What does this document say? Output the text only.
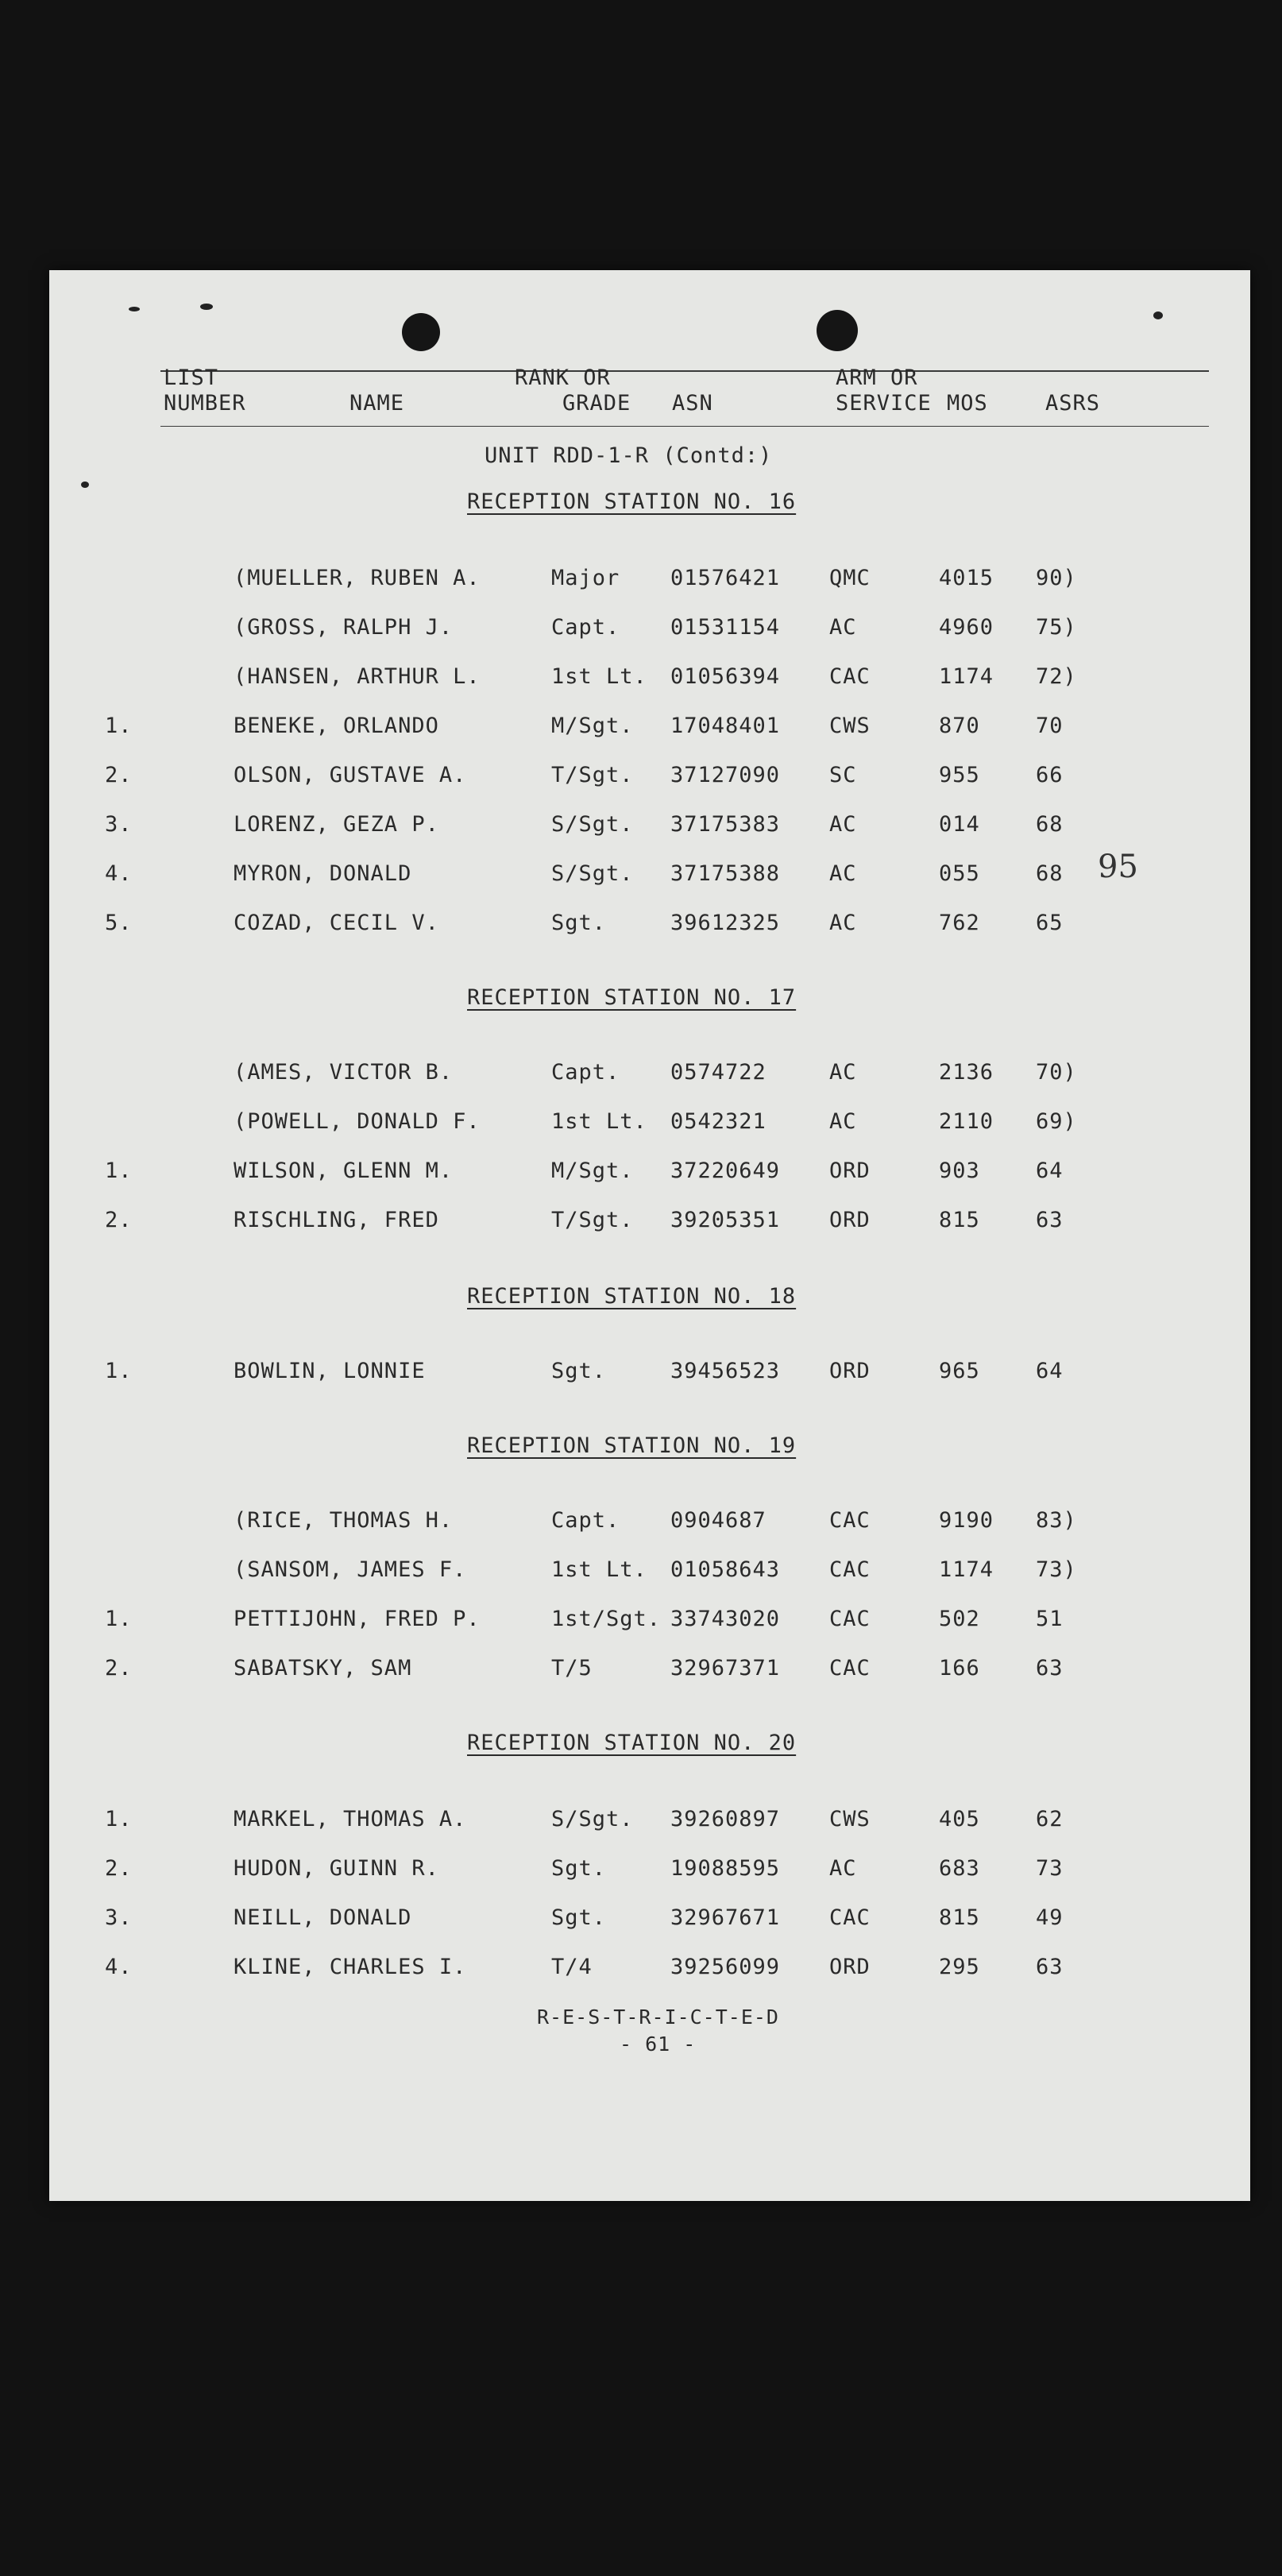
LIST
NUMBER	NAME
RANK OR
GRADE ASN
ARM OR
SERVICE MOS	ASRS
UNIT RDD-1-R (Contd:)
95
RECEPTION STATION NO. 16
(MUELLER, RUBEN A.	Major 01576421 QMC	4015 90)
(GROSS, RALPH J.	Capt. 01531154 AC	4960 75)
(HANSEN, ARTHUR L.	1st Lt. 01056394 CAC	1174 72)
1.	BENEKE, ORLANDO	M/Sgt. 17048401 CWS	870	70
2.	OLSON, GUSTAVE A.	T/Sgt. 37127090 SC	955	66
3.	LORENZ, GEZA P.	S/Sgt. 37175383 AC	014	68
4.	MYRON, DONALD	S/Sgt. 37175388 AC	055	68
5.	COZAD, CECIL V.	Sgt.	39612325 AC	762	65
RECEPTION STATION NO. 17
(AMES, VICTOR B.	Capt. 0574722	AC	2136 70)
(POWELL, DONALD F.	1st Lt. 0542321	AC	2110 69)
1.	WILSON, GLENN M.	M/Sgt. 37220649 ORD	903	64
2.	RISCHLING, FRED	T/Sgt. 39205351 ORD	815	63
RECEPTION STATION NO. 18
1.	BOWLIN, LONNIE	Sgt.	39456523 ORD	965	64
RECEPTION STATION NO. 19
(RICE, THOMAS H.	Capt. 0904687	CAC	9190 83)
(SANSOM, JAMES F.	1st Lt. 01058643 CAC	1174 73)
1.	PETTIJOHN, FRED P.	1st/Sgt. 33743020 CAC	502	51
2.	SABATSKY, SAM	T/5	32967371 CAC	166	63
RECEPTION STATION NO. 20
1.	MARKEL, THOMAS A.	S/Sgt. 39260897 CWS	405	62
2.	HUDON, GUINN R.	Sgt.	19088595 AC	683	73
3.	NEILL, DONALD	Sgt.	32967671 CAC	815	49
4.	KLINE, CHARLES I.	T/4	39256099 ORD	295	63
R-E-S-T-R-I-C-T-E-D
- 61 -
